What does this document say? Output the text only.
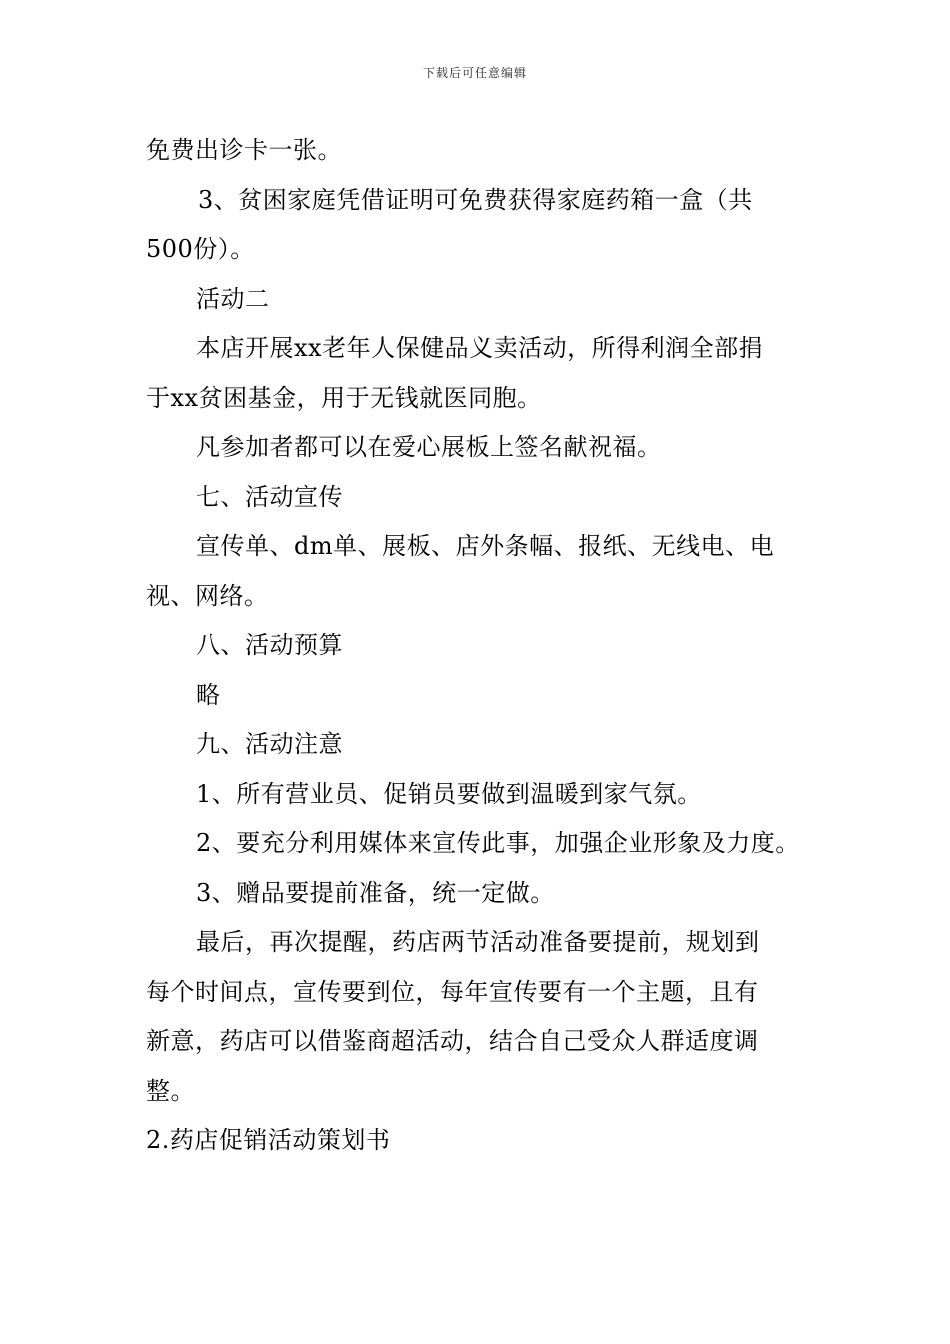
下载后可任意编辑

免费出诊卡一张。

3、贫困家庭凭借证明可免费获得家庭药箱一盒（共
500份）。

活动二

本店开展xx老年人保健品义卖活动，所得利润全部捐
于xx贫困基金，用于无钱就医同胞。

凡参加者都可以在爱心展板上签名献祝福。

七、活动宣传

宣传单、dm单、展板、店外条幅、报纸、无线电、电
视、网络。

八、活动预算

略

九、活动注意

1、所有营业员、促销员要做到温暖到家气氛。

2、要充分利用媒体来宣传此事，加强企业形象及力度。

3、赠品要提前准备，统一定做。

最后，再次提醒，药店两节活动准备要提前，规划到
每个时间点，宣传要到位，每年宣传要有一个主题，且有
新意，药店可以借鉴商超活动，结合自己受众人群适度调
整。

2.药店促销活动策划书
